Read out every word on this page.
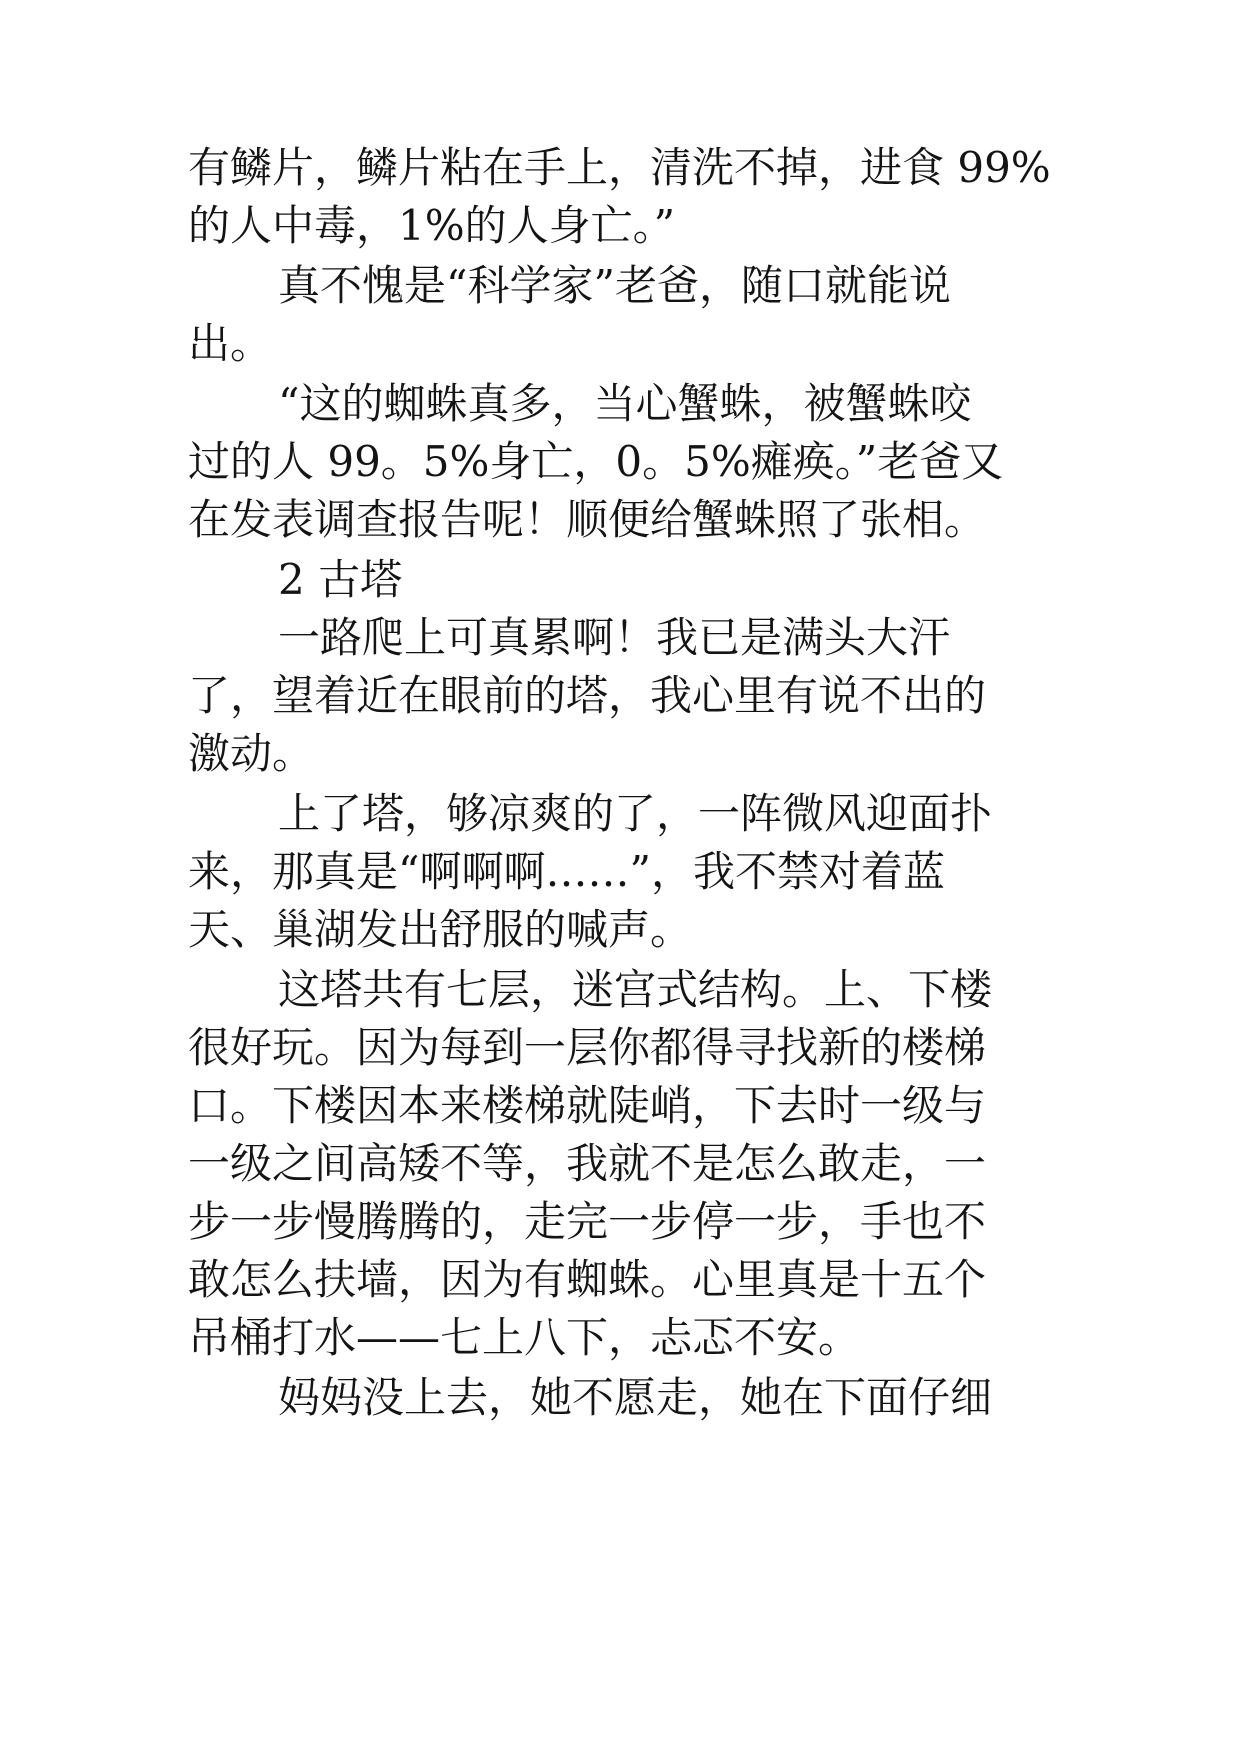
有鳞片，鳞片粘在手上，清洗不掉，进食 99%
的人中毒，1%的人身亡。”
真不愧是“科学家”老爸，随口就能说
出。
“这的蜘蛛真多，当心蟹蛛，被蟹蛛咬
过的人 99。5%身亡，0。5%瘫痪。”老爸又
在发表调查报告呢！顺便给蟹蛛照了张相。
2 古塔
一路爬上可真累啊！我已是满头大汗
了，望着近在眼前的塔，我心里有说不出的
激动。
上了塔，够凉爽的了，一阵微风迎面扑
来，那真是“啊啊啊……”，我不禁对着蓝
天、巢湖发出舒服的喊声。
这塔共有七层，迷宫式结构。上、下楼
很好玩。因为每到一层你都得寻找新的楼梯
口。下楼因本来楼梯就陡峭，下去时一级与
一级之间高矮不等，我就不是怎么敢走，一
步一步慢腾腾的，走完一步停一步，手也不
敢怎么扶墙，因为有蜘蛛。心里真是十五个
吊桶打水——七上八下，忐忑不安。
妈妈没上去，她不愿走，她在下面仔细
